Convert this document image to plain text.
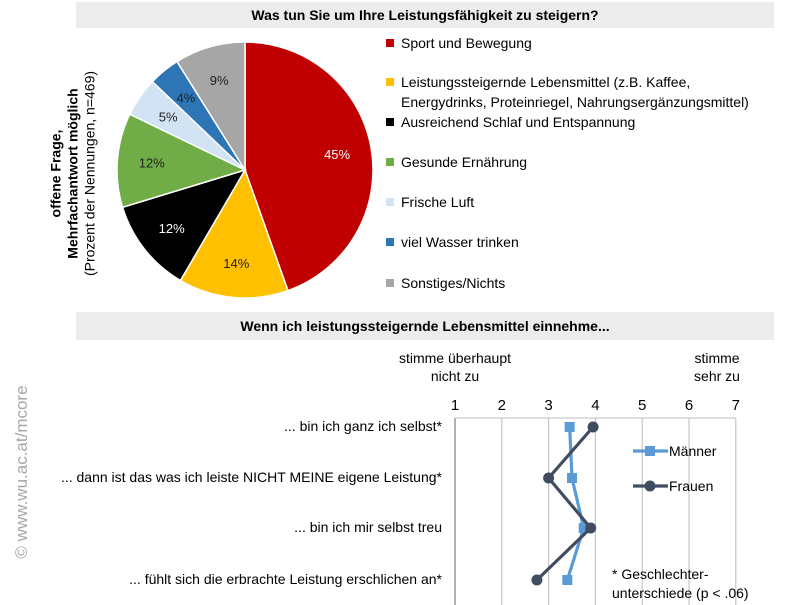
Was tun Sie um Ihre Leistungsfähigkeit zu steigern?
offene Frage, Mehrfachantwort möglich (Prozent der Nennungen, n=469)	45%
14%
12%
12%
5%
4%
9%
1	2	3	4	5	6	7
Männer
Frauen
Sport und Bewegung
Leistungssteigernde Lebensmittel (z.B. Kaffee, Energydrinks, Proteinriegel, Nahrungsergänzungsmittel)
Ausreichend Schlaf und Entspannung
Gesunde Ernährung
Frische Luft
viel Wasser trinken
Sonstiges/Nichts
Wenn ich leistungssteigernde Lebensmittel einnehme...
stimme überhaupt nicht zu
stimme sehr zu
... bin ich ganz ich selbst*
... dann ist das was ich leiste NICHT MEINE eigene Leistung*
... bin ich mir selbst treu
... fühlt sich die erbrachte Leistung erschlichen an*	* Geschlechter-unterschiede (p < .06)
© www.wu.ac.at/mcore
